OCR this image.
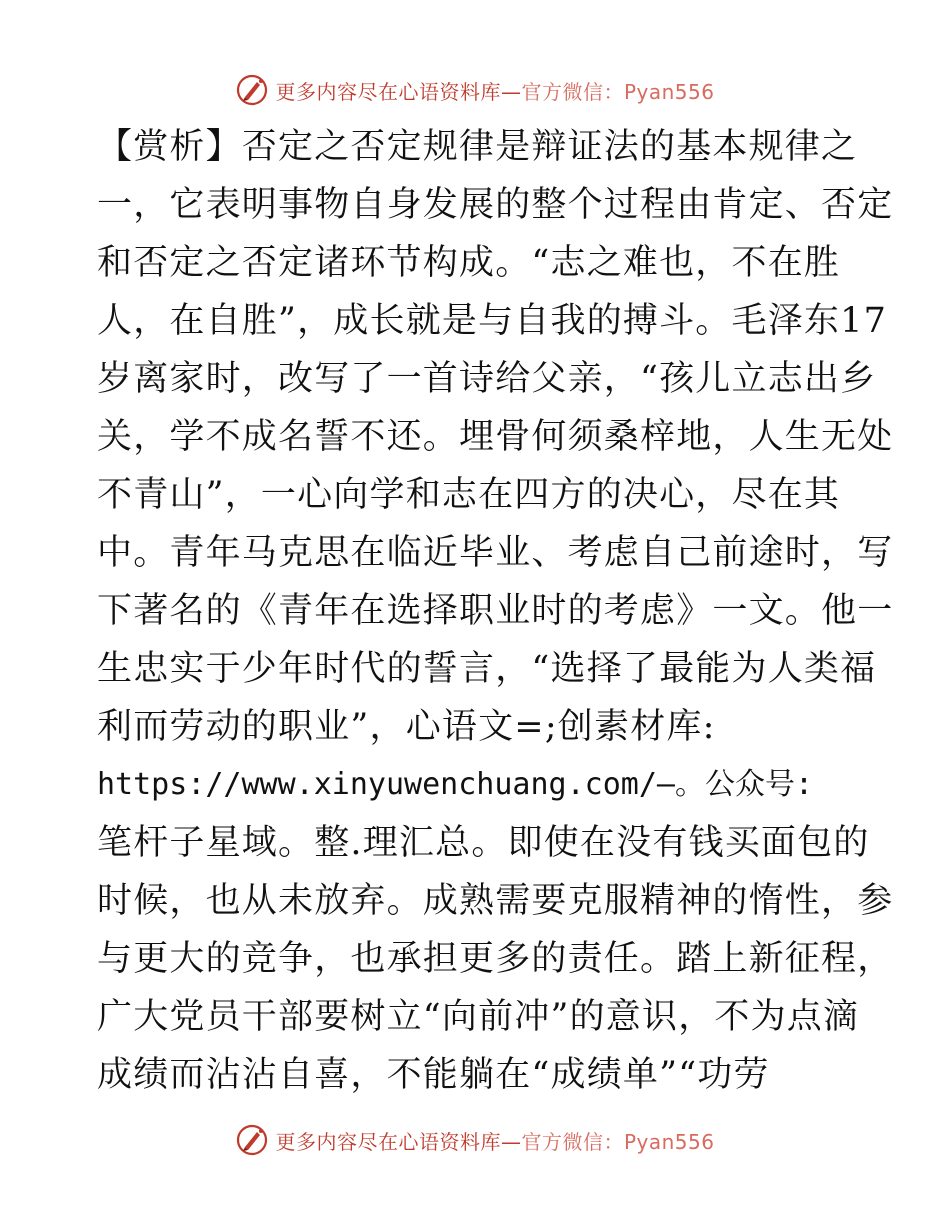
更多内容尽在心语资料库—官方微信：Pyan556
【赏析】否定之否定规律是辩证法的基本规律之
一，它表明事物自身发展的整个过程由肯定、否定
和否定之否定诸环节构成。“志之难也，不在胜
人，在自胜”，成长就是与自我的搏斗。毛泽东17
岁离家时，改写了一首诗给父亲，“孩儿立志出乡
关，学不成名誓不还。埋骨何须桑梓地，人生无处
不青山”，一心向学和志在四方的决心，尽在其
中。青年马克思在临近毕业、考虑自己前途时，写
下著名的《青年在选择职业时的考虑》一文。他一
生忠实于少年时代的誓言，“选择了最能为人类福
利而劳动的职业”，心语文=;创素材库:
https://www.xinyuwenchuang.com/—。公众号:
笔杆子星域。整.理汇总。即使在没有钱买面包的
时候，也从未放弃。成熟需要克服精神的惰性，参
与更大的竞争，也承担更多的责任。踏上新征程，
广大党员干部要树立“向前冲”的意识，不为点滴
成绩而沾沾自喜，不能躺在“成绩单”“功劳
更多内容尽在心语资料库—官方微信：Pyan556
